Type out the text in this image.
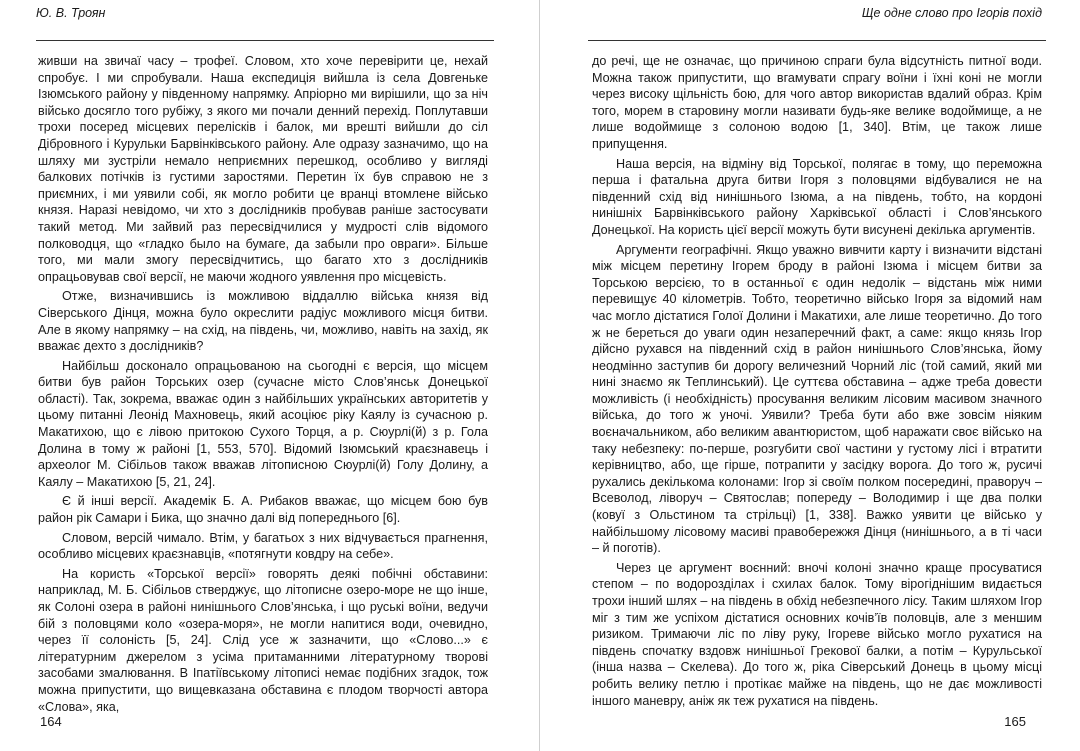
Ю. В. Троян

живши на звичаї часу – трофеї. Словом, хто хоче перевірити це, нехай спробує. І ми спробували. Наша експедиція вийшла із села Довгеньке Ізюмського району у південному напрямку. Апріорно ми вирішили, що за ніч військо досягло того рубіжу, з якого ми почали денний перехід. Поплутавши трохи посеред місцевих перелісків і балок, ми врешті вийшли до сіл Дібровного і Курульки Барвінківського району. Але одразу зазначимо, що на шляху ми зустріли немало неприємних перешкод, особливо у вигляді балкових потічків із густими заростями. Перетин їх був справою не з приємних, і ми уявили собі, як могло робити це вранці втомлене військо князя. Наразі невідомо, чи хто з дослідників пробував раніше застосувати такий метод. Ми зайвий раз пересвідчилися у мудрості слів відомого полководця, що «гладко было на бумаге, да забыли про овраги». Більше того, ми мали змогу пересвідчитись, що багато хто з дослідників опрацьовував свої версії, не маючи жодного уявлення про місцевість.

Отже, визначившись із можливою віддаллю війська князя від Сіверського Дінця, можна було окреслити радіус можливого місця битви. Але в якому напрямку – на схід, на південь, чи, можливо, навіть на захід, як вважає дехто з дослідників?

Найбільш досконало опрацьованою на сьогодні є версія, що місцем битви був район Торських озер (сучасне місто Слов’янськ Донецької області). Так, зокрема, вважає один з найбільших українських авторитетів у цьому питанні Леонід Махновець, який асоціює ріку Каялу із сучасною р. Макатихою, що є лівою притокою Сухого Торця, а р. Сюурлі(й) з р. Гола Долина в тому ж районі [1, 553, 570]. Відомий Ізюмський краєзнавець і археолог М. Сібільов також вважав літописною Сюурлі(й) Голу Долину, а Каялу – Макатихою [5, 21, 24].

Є й інші версії. Академік Б. А. Рибаков вважає, що місцем бою був район рік Самари і Бика, що значно далі від попереднього [6].

Словом, версій чимало. Втім, у багатьох з них відчувається прагнення, особливо місцевих краєзнавців, «потягнути ковдру на себе».

На користь «Торської версії» говорять деякі побічні обставини: наприклад, М. Б. Сібільов стверджує, що літописне озеро-море не що інше, як Солоні озера в районі нинішнього Слов’янська, і що руські воїни, ведучи бій з половцями коло «озера-моря», не могли напитися води, очевидно, через її солоність [5, 24]. Слід усе ж зазначити, що «Слово...» є літературним джерелом з усіма притаманними літературному творові засобами змалювання. В Іпатіївському літописі немає подібних згадок, тож можна припустити, що вищевказана обставина є плодом творчості автора «Слова», яка,

164
Ще одне слово про Ігорів похід

до речі, ще не означає, що причиною спраги була відсутність питної води. Можна також припустити, що вгамувати спрагу воїни і їхні коні не могли через високу щільність бою, для чого автор використав вдалий образ. Крім того, морем в старовину могли називати будь-яке велике водоймище, а не лише водоймище з солоною водою [1, 340]. Втім, це також лише припущення.

Наша версія, на відміну від Торської, полягає в тому, що переможна перша і фатальна друга битви Ігоря з половцями відбувалися не на південний схід від нинішнього Ізюма, а на південь, тобто, на кордоні нинішніх Барвінківського району Харківської області і Слов’янського Донецької. На користь цієї версії можуть бути висунені декілька аргументів.

Аргументи географічні. Якщо уважно вивчити карту і визначити відстані між місцем перетину Ігорем броду в районі Ізюма і місцем битви за Торською версією, то в останньої є один недолік – відстань між ними перевищує 40 кілометрів. Тобто, теоретично військо Ігоря за відомий нам час могло дістатися Голої Долини і Макатихи, але лише теоретично. До того ж не береться до уваги один незаперечний факт, а саме: якщо князь Ігор дійсно рухався на південний схід в район нинішнього Слов’янська, йому неодмінно заступив би дорогу величезний Чорний ліс (той самий, який ми нині знаємо як Теплинський). Це суттєва обставина – адже треба довести можливість (і необхідність) просування великим лісовим масивом значного війська, до того ж уночі. Уявили? Треба бути або вже зовсім ніяким воєначальником, або великим авантюристом, щоб наражати своє військо на таку небезпеку: по-перше, розгубити свої частини у густому лісі і втратити керівництво, або, ще гірше, потрапити у засідку ворога. До того ж, русичі рухались декількома колонами: Ігор зі своїм полком посередині, праворуч – Всеволод, ліворуч – Святослав; попереду – Володимир і ще два полки (ковуї з Ольстином та стрільці) [1, 338]. Важко уявити це військо у найбільшому лісовому масиві правобережжя Дінця (нинішнього, а в ті часи – й поготів).

Через це аргумент воєнний: вночі колоні значно краще просуватися степом – по водорозділах і схилах балок. Тому вірогіднішим видається трохи інший шлях – на південь в обхід небезпечного лісу. Таким шляхом Ігор міг з тим же успіхом дістатися основних кочів’їв половців, але з меншим ризиком. Тримаючи ліс по ліву руку, Ігореве військо могло рухатися на південь спочатку вздовж нинішньої Грекової балки, а потім – Курульської (інша назва – Скелева). До того ж, ріка Сіверський Донець в цьому місці робить велику петлю і протікає майже на південь, що не дає можливості іншого маневру, аніж як теж рухатися на південь.

165
